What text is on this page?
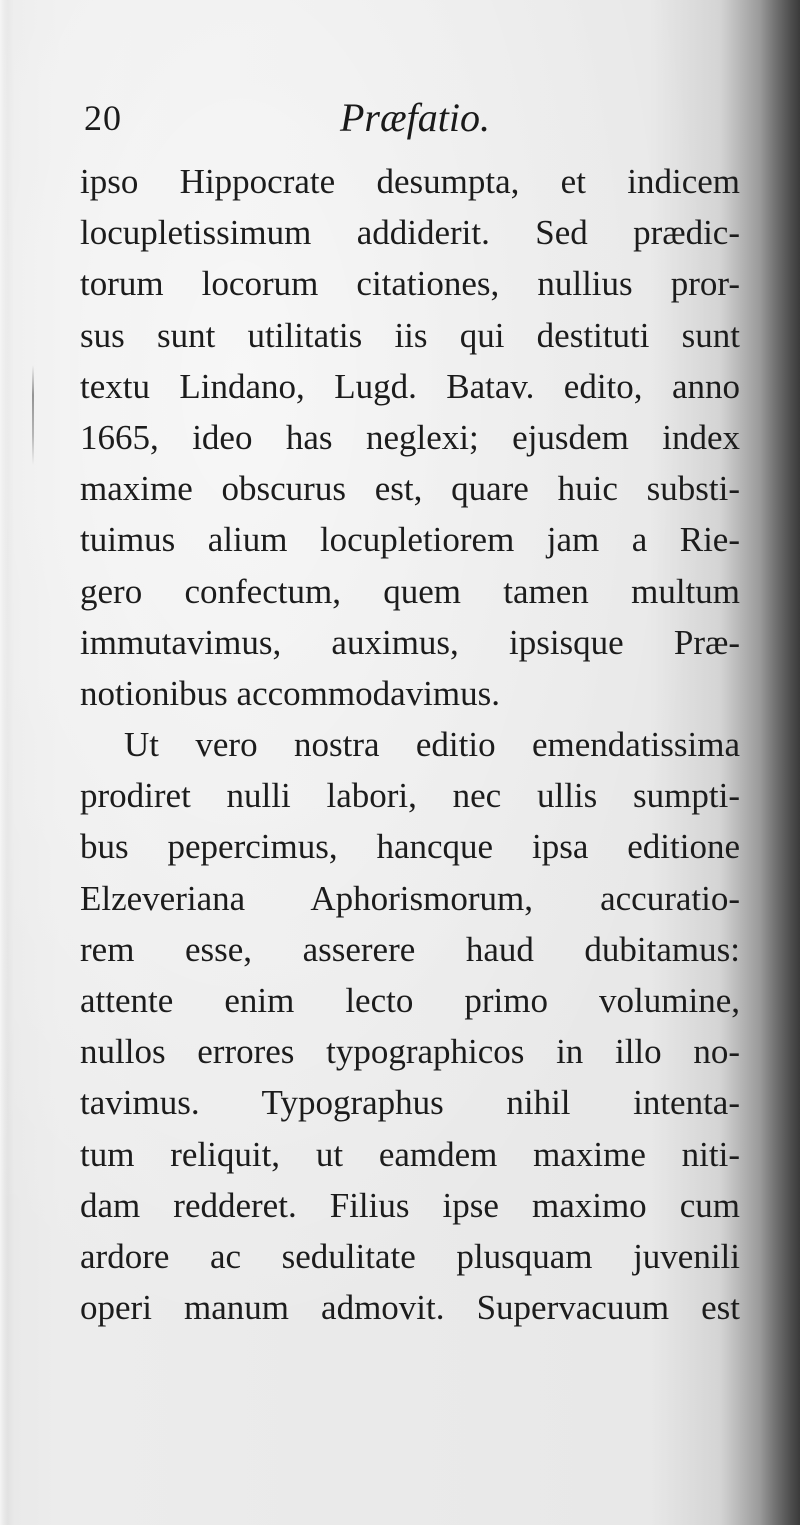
20	Præfatio.
ipso Hippocrate desumpta, et indicem
locupletissimum addiderit. Sed prædic-
torum locorum citationes, nullius pror-
sus sunt utilitatis iis qui destituti sunt
textu Lindano, Lugd. Batav. edito, anno
1665, ideo has neglexi; ejusdem index
maxime obscurus est, quare huic substi-
tuimus alium locupletiorem jam a Rie-
gero confectum, quem tamen multum
immutavimus, auximus, ipsisque Præ-
notionibus accommodavimus.
Ut vero nostra editio emendatissima
prodiret nulli labori, nec ullis sumpti-
bus pepercimus, hancque ipsa editione
Elzeveriana Aphorismorum, accuratio-
rem esse, asserere haud dubitamus:
attente enim lecto primo volumine,
nullos errores typographicos in illo no-
tavimus. Typographus nihil intenta-
tum reliquit, ut eamdem maxime niti-
dam redderet. Filius ipse maximo cum
ardore ac sedulitate plusquam juvenili
operi manum admovit. Supervacuum est
